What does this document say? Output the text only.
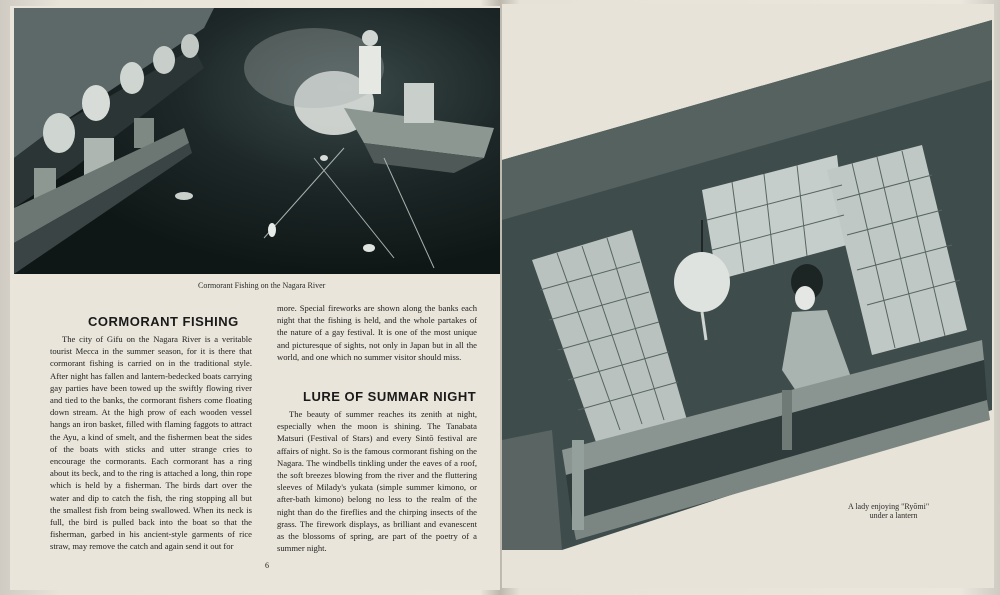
Cormorant Fishing on the Nagara River
CORMORANT FISHING

The city of Gifu on the Nagara River is a veritable tourist Mecca in the summer season, for it is there that cormorant fishing is carried on in the traditional style. After night has fallen and lantern-bedecked boats carrying gay parties have been towed up the swiftly flowing river and tied to the banks, the cormorant fishers come floating down stream. At the high prow of each wooden vessel hangs an iron basket, filled with flaming faggots to attract the Ayu, a kind of smelt, and the fishermen beat the sides of the boats with sticks and utter strange cries to encourage the cormorants. Each cormorant has a ring about its beck, and to the ring is attached a long, thin rope which is held by a fisherman. The birds dart over the water and dip to catch the fish, the ring stopping all but the smallest fish from being swallowed. When its neck is full, the bird is pulled back into the boat so that the fisherman, garbed in his ancient-style garments of rice straw, may remove the catch and again send it out for

more. Special fireworks are shown along the banks each night that the fishing is held, and the whole partakes of the nature of a gay festival. It is one of the most unique and picturesque of sights, not only in Japan but in all the world, and one which no summer visitor should miss.

LURE OF SUMMAR NIGHT

The beauty of summer reaches its zenith at night, especially when the moon is shining. The Tanabata Matsuri (Festival of Stars) and every Sintō festival are affairs of night. So is the famous cormorant fishing on the Nagara. The windbells tinkling under the eaves of a roof, the soft breezes blowing from the river and the fluttering sleeves of Milady's yukata (simple summer kimono, or after-bath kimono) belong no less to the realm of the night than do the fireflies and the chirping insects of the grass. The firework displays, as brilliant and evanescent as the blossoms of spring, are part of the poetry of a summer night.

6
A lady enjoying "Ryōmi"
under a lantern
